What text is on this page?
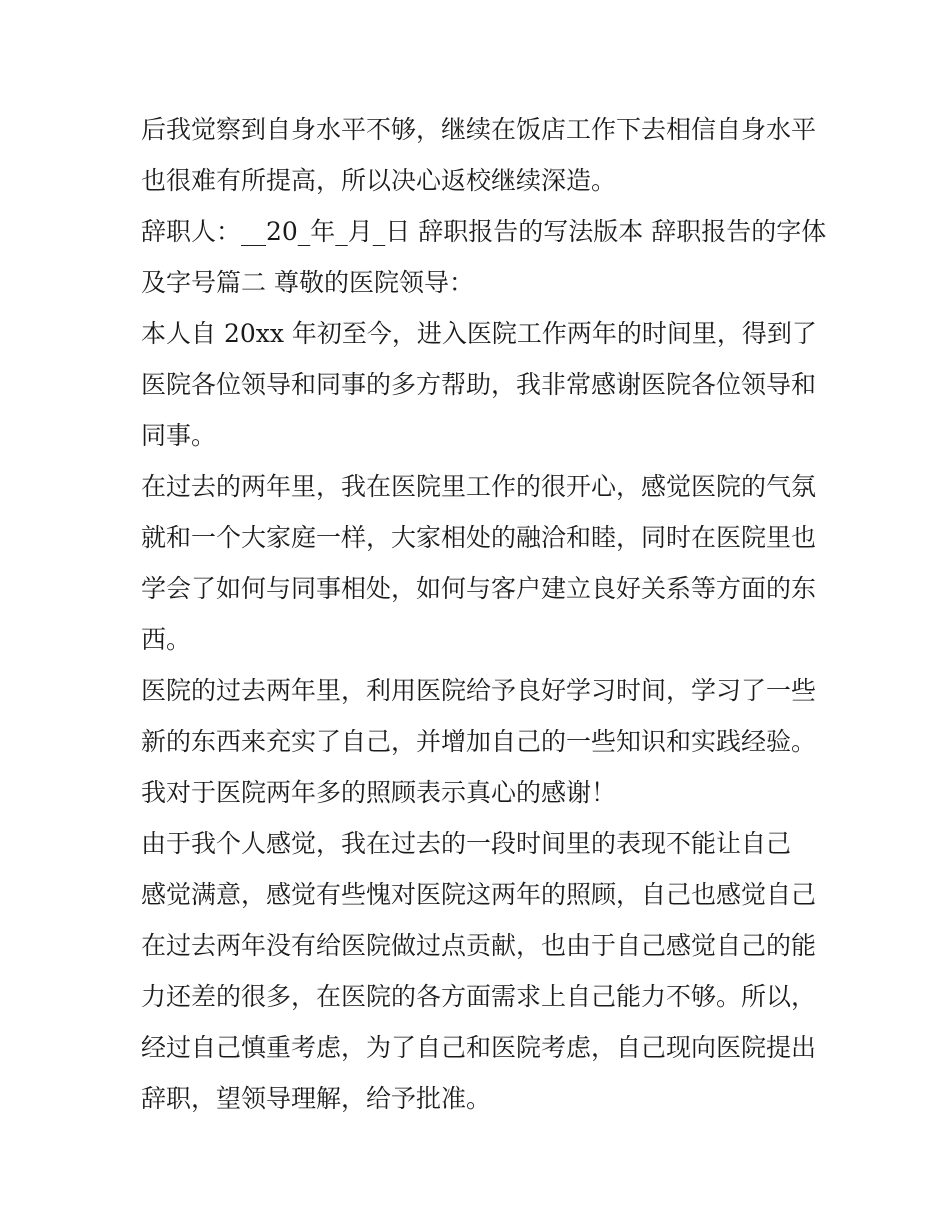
后我觉察到自身水平不够，继续在饭店工作下去相信自身水平
也很难有所提高，所以决心返校继续深造。

辞职人：__20_年_月_日 辞职报告的写法版本 辞职报告的字体
及字号篇二 尊敬的医院领导：

本人自 20xx 年初至今，进入医院工作两年的时间里，得到了
医院各位领导和同事的多方帮助，我非常感谢医院各位领导和
同事。

在过去的两年里，我在医院里工作的很开心，感觉医院的气氛
就和一个大家庭一样，大家相处的融洽和睦，同时在医院里也
学会了如何与同事相处，如何与客户建立良好关系等方面的东
西。

医院的过去两年里，利用医院给予良好学习时间，学习了一些
新的东西来充实了自己，并增加自己的一些知识和实践经验。
我对于医院两年多的照顾表示真心的感谢！

由于我个人感觉，我在过去的一段时间里的表现不能让自己
感觉满意，感觉有些愧对医院这两年的照顾，自己也感觉自己
在过去两年没有给医院做过点贡献，也由于自己感觉自己的能
力还差的很多，在医院的各方面需求上自己能力不够。所以，
经过自己慎重考虑，为了自己和医院考虑，自己现向医院提出
辞职，望领导理解，给予批准。
